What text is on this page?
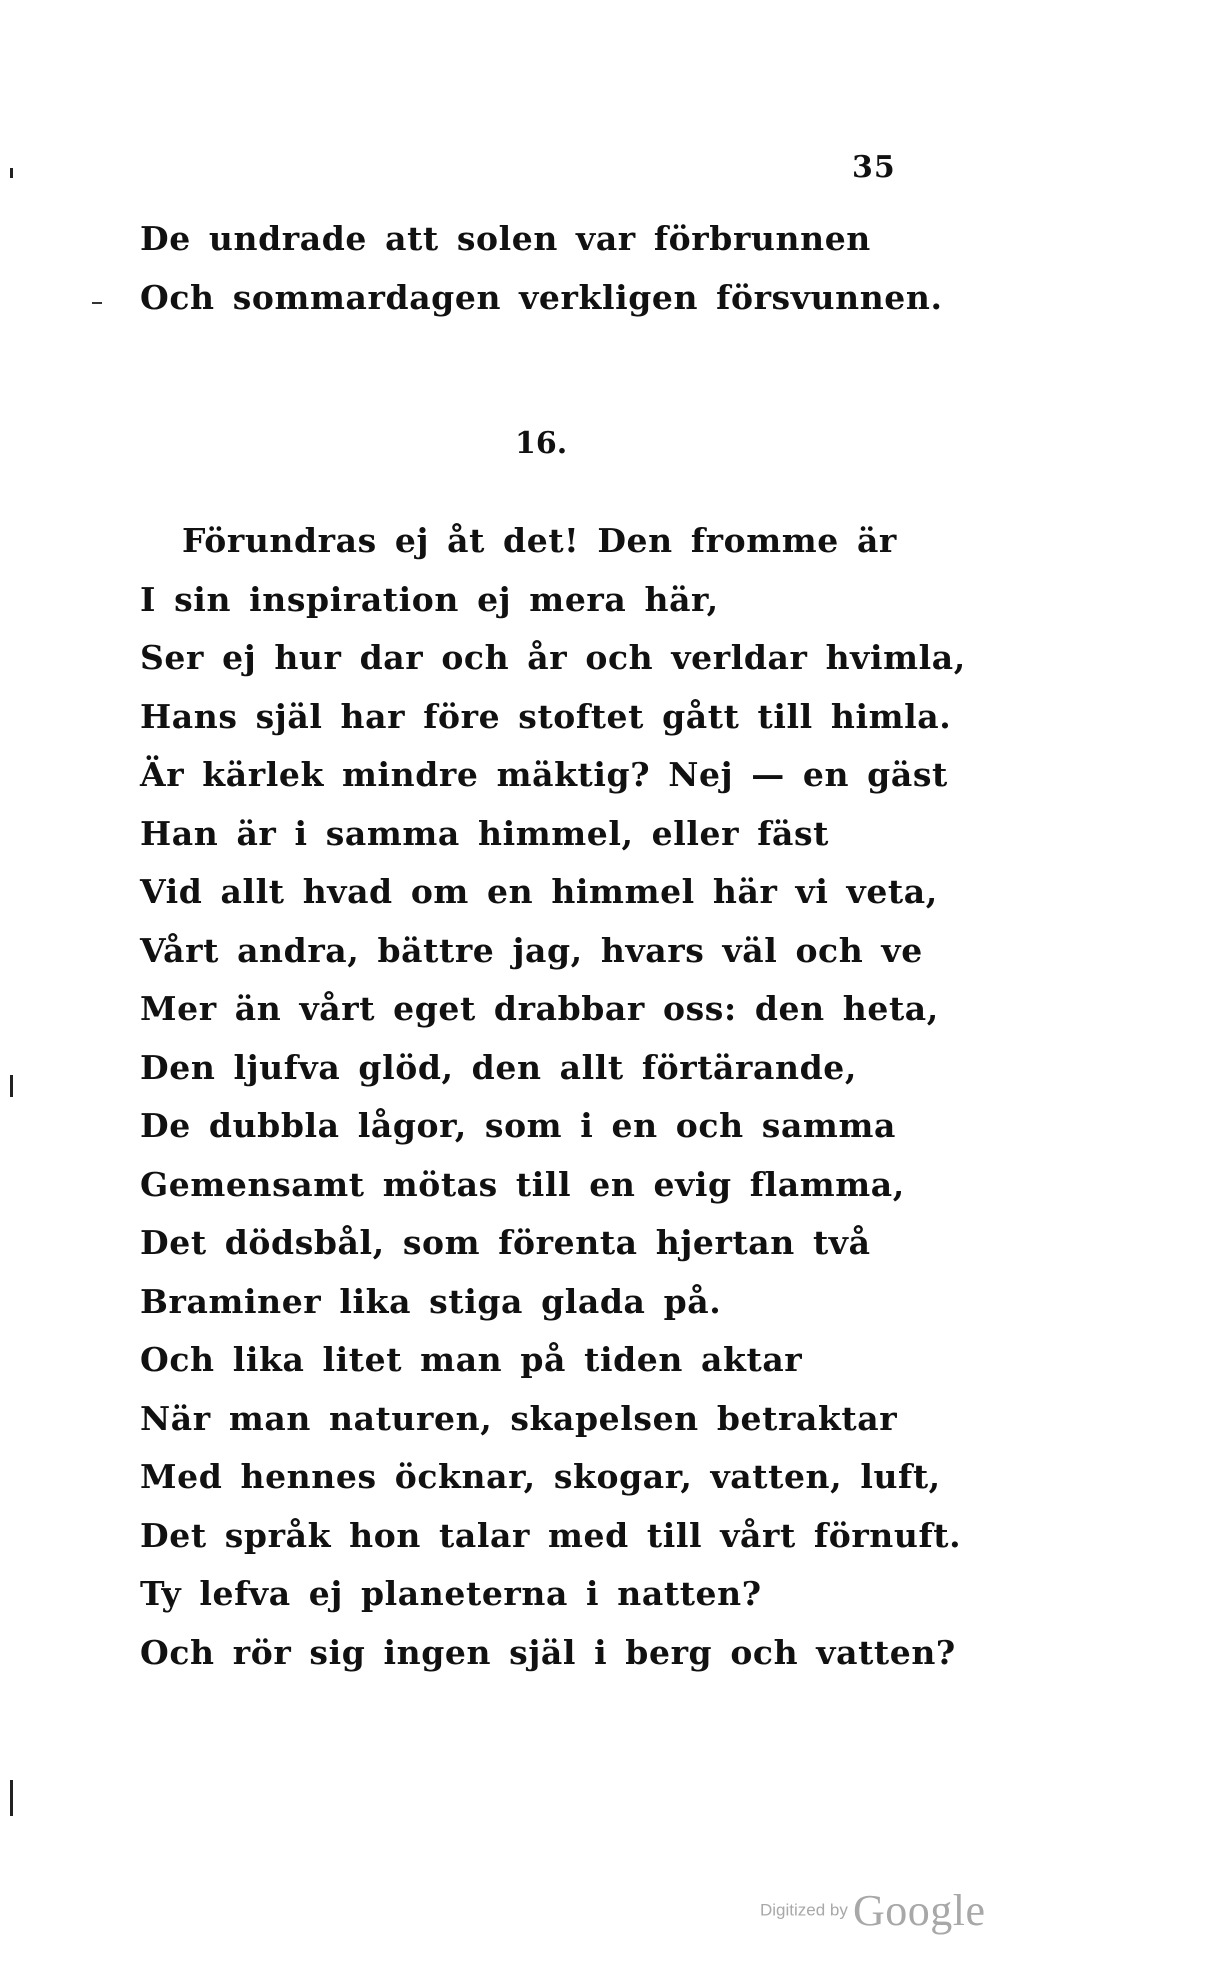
35
De undrade att solen var förbrunnen
Och sommardagen verkligen försvunnen.
16.
Förundras ej åt det! Den fromme är
I sin inspiration ej mera här,
Ser ej hur dar och år och verldar hvimla,
Hans själ har före stoftet gått till himla.
Är kärlek mindre mäktig? Nej — en gäst
Han är i samma himmel, eller fäst
Vid allt hvad om en himmel här vi veta,
Vårt andra, bättre jag, hvars väl och ve
Mer än vårt eget drabbar oss: den heta,
Den ljufva glöd, den allt förtärande,
De dubbla lågor, som i en och samma
Gemensamt mötas till en evig flamma,
Det dödsbål, som förenta hjertan två
Braminer lika stiga glada på.
Och lika litet man på tiden aktar
När man naturen, skapelsen betraktar
Med hennes öcknar, skogar, vatten, luft,
Det språk hon talar med till vårt förnuft.
Ty lefva ej planeterna i natten?
Och rör sig ingen själ i berg och vatten?
Digitized by Google
